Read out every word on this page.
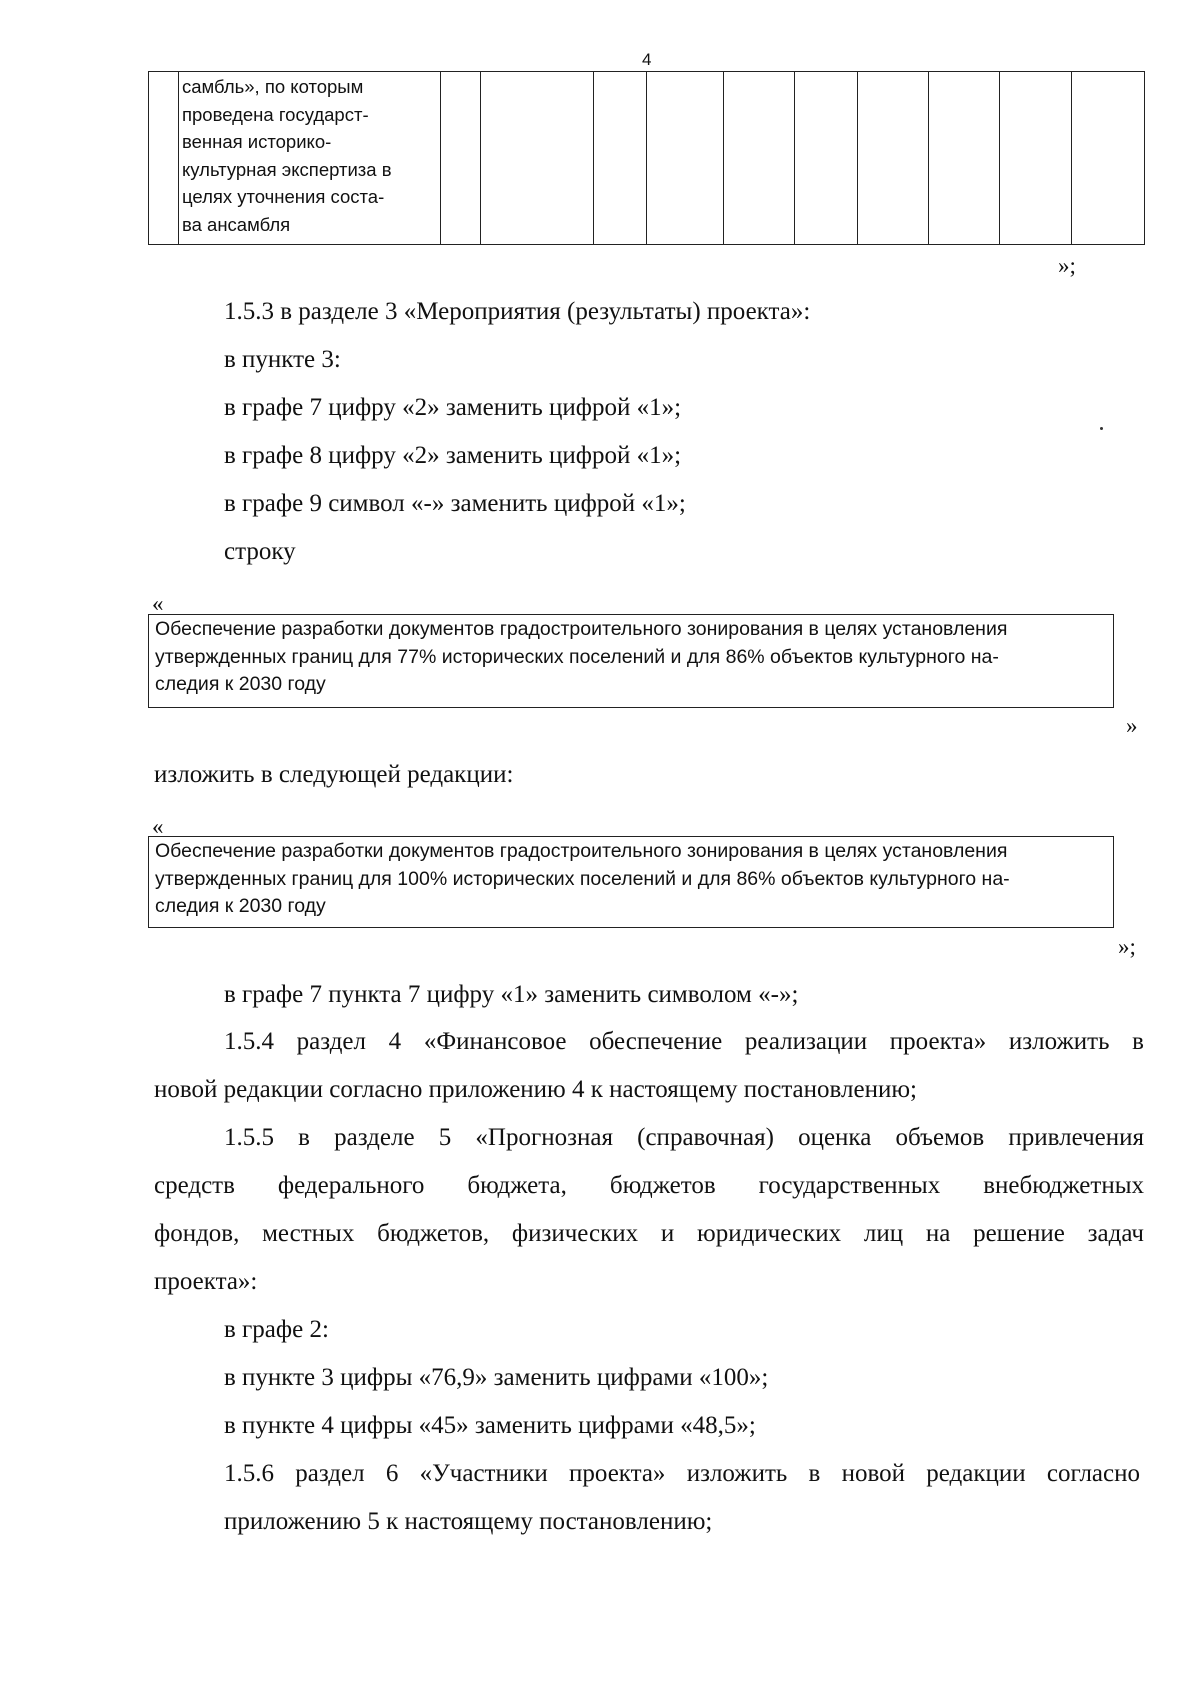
4

самбль», по которым
проведена государст-
венная историко-
культурная экспертиза в
целях уточнения соста-
ва ансамбля

»;
1.5.3 в разделе 3 «Мероприятия (результаты) проекта»:
в пункте 3:
в графе 7 цифру «2» заменить цифрой «1»;
в графе 8 цифру «2» заменить цифрой «1»;
в графе 9 символ «-» заменить цифрой «1»;
строку
«
Обеспечение разработки документов градостроительного зонирования в целях установления
утвержденных границ для 77% исторических поселений и для 86% объектов культурного на-
следия к 2030 году
»
изложить в следующей редакции:
«
Обеспечение разработки документов градостроительного зонирования в целях установления
утвержденных границ для 100% исторических поселений и для 86% объектов культурного на-
следия к 2030 году
»;
в графе 7 пункта 7 цифру «1» заменить символом «-»;
1.5.4 раздел 4 «Финансовое обеспечение реализации проекта» изложить в
новой редакции согласно приложению 4 к настоящему постановлению;
1.5.5 в разделе 5 «Прогнозная (справочная) оценка объемов привлечения
средств федерального бюджета, бюджетов государственных внебюджетных
фондов, местных бюджетов, физических и юридических лиц на решение задач
проекта»:
в графе 2:
в пункте 3 цифры «76,9» заменить цифрами «100»;
в пункте 4 цифры «45» заменить цифрами «48,5»;
1.5.6 раздел 6 «Участники проекта» изложить в новой редакции согласно
приложению 5 к настоящему постановлению;
